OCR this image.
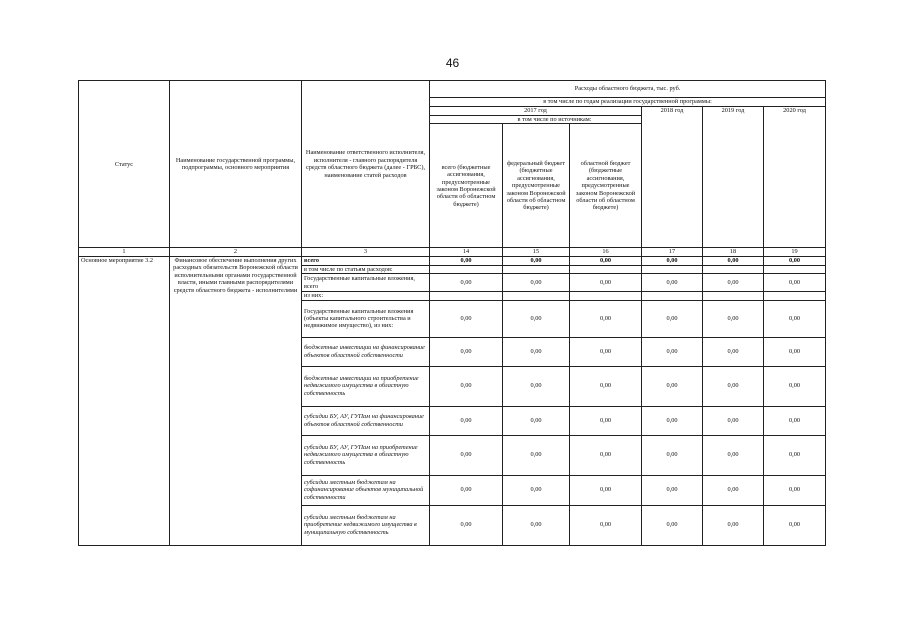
46
Статус	Наименование государственной программы, подпрограммы, основного мероприятия	Наименование ответственного исполнителя, исполнителя - главного распорядителя средств областного бюджета (далее - ГРБС), наименование статей расходов	Расходы областного бюджета, тыс. руб.					
			в том числе по годам реализации государственной программы:					
			2017 год			2018 год	2019 год	2020 год
			в том числе по источникам:					
			всего (бюджетные ассигнования, предусмотренные законом Воронежской области об областном бюджете)	федеральный бюджет (бюджетные ассигнования, предусмотренные законом Воронежской области об областном бюджете)	областной бюджет (бюджетные ассигнования, предусмотренные законом Воронежской области об областном бюджете)			
1	2	3	14	15	16	17	18	19
Основное мероприятие 3.2	Финансовое обеспечение выполнения других расходных обязательств Воронежской области исполнительными органами государственной власти, иными главными распорядителями средств областного бюджета - исполнителями	всего	0,00	0,00	0,00	0,00	0,00	0,00
		в том числе по статьям расходов:						
		Государственные капитальные вложения, всего	0,00	0,00	0,00	0,00	0,00	0,00
		из них:						
		Государственные капитальные вложения (объекты капитального строительства и недвижимое имущество), из них:	0,00	0,00	0,00	0,00	0,00	0,00
		бюджетные инвестиции на финансирование объектов областной собственности	0,00	0,00	0,00	0,00	0,00	0,00
		бюджетные инвестиции на приобретение недвижимого имущества в областную собственность	0,00	0,00	0,00	0,00	0,00	0,00
		субсидии БУ, АУ, ГУПам на финансирование объектов областной собственности	0,00	0,00	0,00	0,00	0,00	0,00
		субсидии БУ, АУ, ГУПам на приобретение недвижимого имущества в областную собственность	0,00	0,00	0,00	0,00	0,00	0,00
		субсидии местным бюджетам на софинансирование объектов муниципальной собственности	0,00	0,00	0,00	0,00	0,00	0,00
		субсидии местным бюджетам на приобретение недвижимого имущества в муниципальную собственность	0,00	0,00	0,00	0,00	0,00	0,00
